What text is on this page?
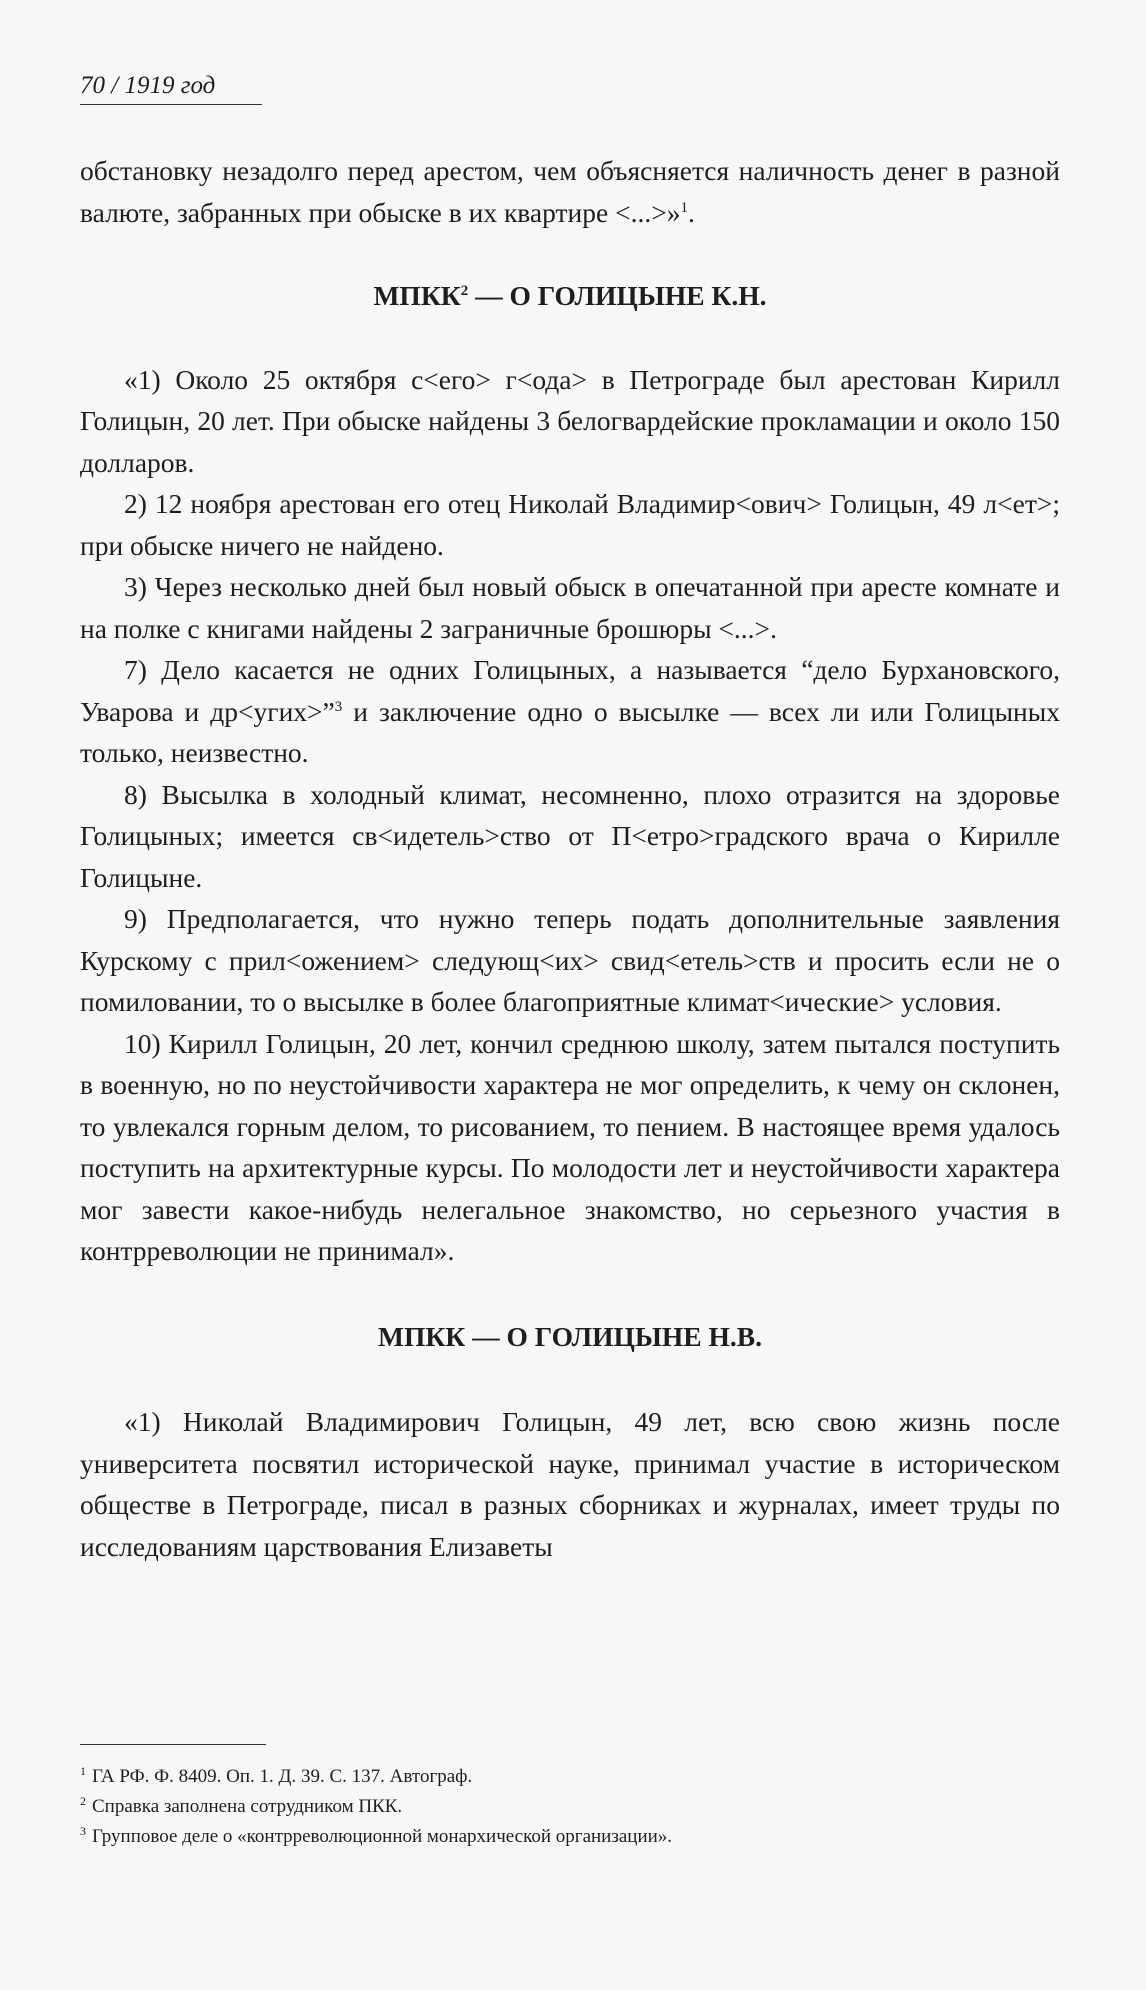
70 / 1919 год

обстановку незадолго перед арестом, чем объясняется наличность денег в разной валюте, забранных при обыске в их квартире <...>»$^1$.

МПКК$^2$ — О ГОЛИЦЫНЕ К.Н.

«1) Около 25 октября с<его> г<ода> в Петрограде был арестован Кирилл Голицын, 20 лет. При обыске найдены 3 белогвардейские прокламации и около 150 долларов.

2) 12 ноября арестован его отец Николай Владимир<ович> Голицын, 49 л<ет>; при обыске ничего не найдено.

3) Через несколько дней был новый обыск в опечатанной при аресте комнате и на полке с книгами найдены 2 заграничные брошюры <...>.

7) Дело касается не одних Голицыных, а называется “дело Бурхановского, Уварова и др<угих>”$^3$ и заключение одно о высылке — всех ли или Голицыных только, неизвестно.

8) Высылка в холодный климат, несомненно, плохо отразится на здоровье Голицыных; имеется св<идетель>ство от П<етро>градского врача о Кирилле Голицыне.

9) Предполагается, что нужно теперь подать дополнительные заявления Курскому с прил<ожением> следующ<их> свид<етель>ств и просить если не о помиловании, то о высылке в более благоприятные климат<ические> условия.

10) Кирилл Голицын, 20 лет, кончил среднюю школу, затем пытался поступить в военную, но по неустойчивости характера не мог определить, к чему он склонен, то увлекался горным делом, то рисованием, то пением. В настоящее время удалось поступить на архитектурные курсы. По молодости лет и неустойчивости характера мог завести какое-нибудь нелегальное знакомство, но серьезного участия в контрреволюции не принимал».

МПКК — О ГОЛИЦЫНЕ Н.В.

«1) Николай Владимирович Голицын, 49 лет, всю свою жизнь после университета посвятил исторической науке, принимал участие в историческом обществе в Петрограде, писал в разных сборниках и журналах, имеет труды по исследованиям царствования Елизаветы

$^1$ ГА РФ. Ф. 8409. Оп. 1. Д. 39. С. 137. Автограф.

$^2$ Справка заполнена сотрудником ПКК.

$^3$ Групповое деле о «контрреволюционной монархической организации».
